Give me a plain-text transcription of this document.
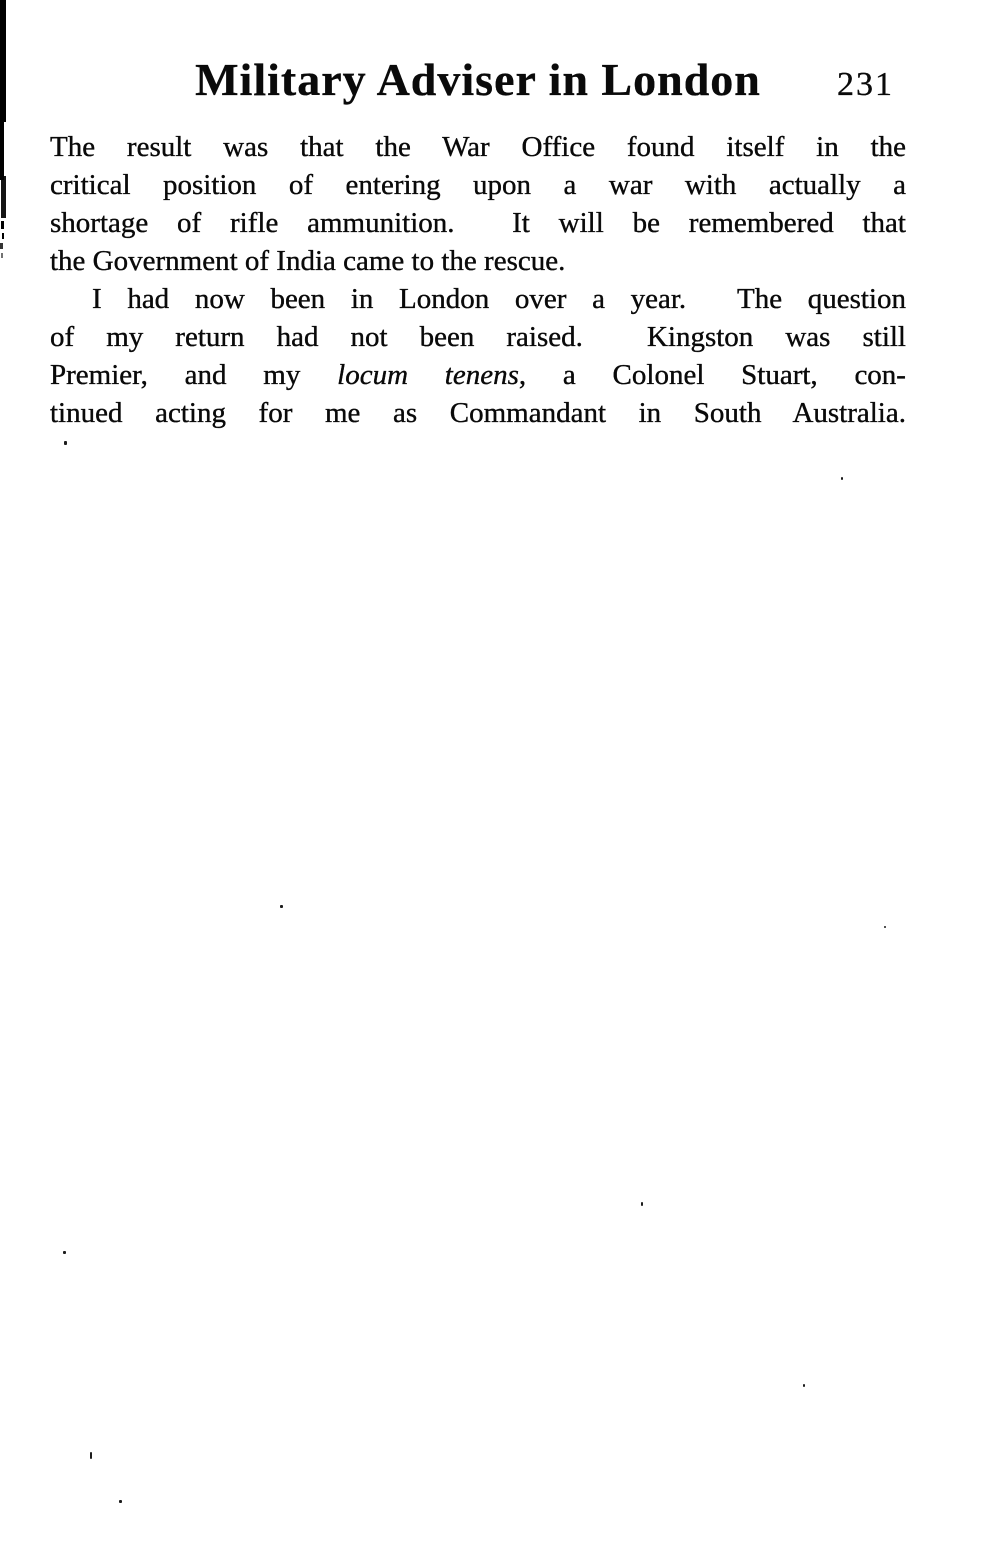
Military Adviser in London	231
The result was that the War Office found itself in the
critical position of entering upon a war with actually a
shortage of rifle ammunition.  It will be remembered that
the Government of India came to the rescue.
I had now been in London over a year.  The question
of my return had not been raised.  Kingston was still
Premier, and my locum tenens, a Colonel Stuart, con-
tinued acting for me as Commandant in South Australia.
